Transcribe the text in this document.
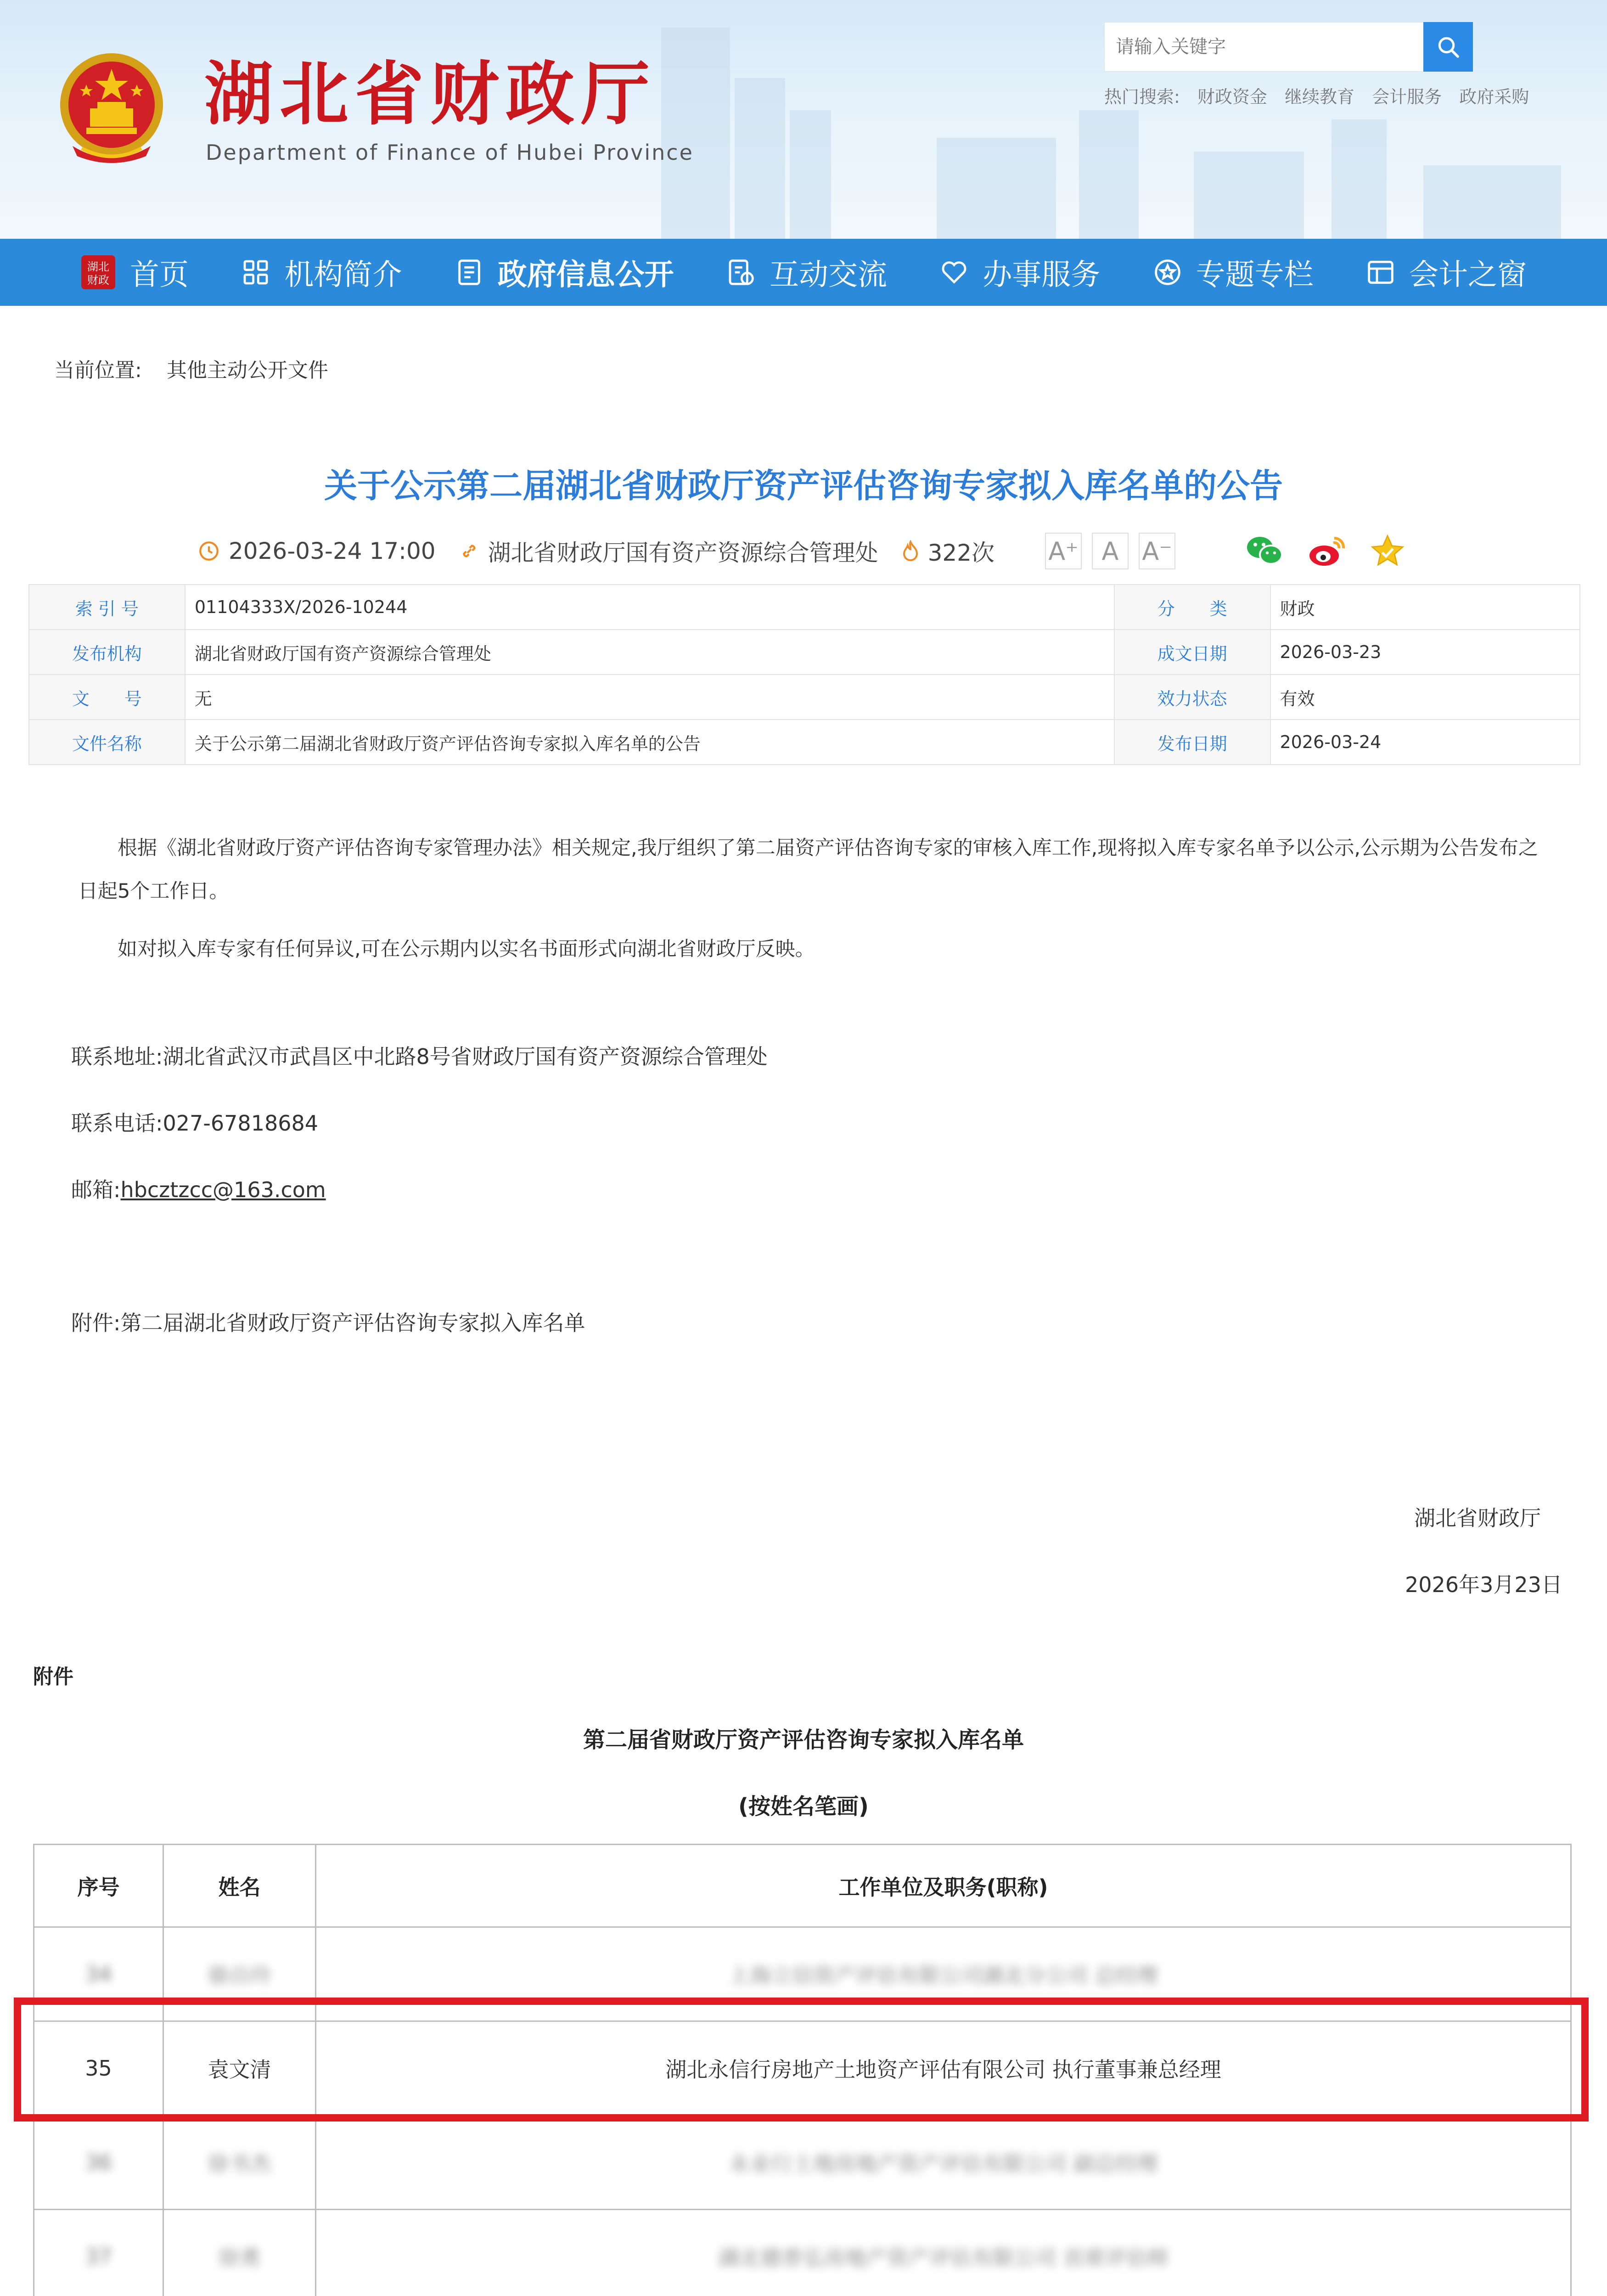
湖北省财政厅
Department of Finance of Hubei Province
请输入关键字
热门搜索: 财政资金 继续教育 会计服务 政府采购
湖北
财政 首页	机构简介	政府信息公开	互动交流	办事服务	专题专栏	会计之窗
当前位置: 其他主动公开文件
关于公示第二届湖北省财政厅资产评估咨询专家拟入库名单的公告
2026-03-24 17:00 湖北省财政厅国有资产资源综合管理处 322次 A⁺ A A⁻
索 引 号	01104333X/2026-10244	分　　类	财政
发布机构	湖北省财政厅国有资产资源综合管理处	成文日期	2026-03-23
文　　号	无	效力状态	有效
文件名称	关于公示第二届湖北省财政厅资产评估咨询专家拟入库名单的公告	发布日期	2026-03-24
根据《湖北省财政厅资产评估咨询专家管理办法》相关规定,我厅组织了第二届资产评估咨询专家的审核入库工作,现将拟入库专家名单予以公示,公示期为公告发布之日起5个工作日。
如对拟入库专家有任何异议,可在公示期内以实名书面形式向湖北省财政厅反映。
联系地址:湖北省武汉市武昌区中北路8号省财政厅国有资产资源综合管理处
联系电话:027-67818684
邮箱:hbcztzcc@163.com
附件:第二届湖北省财政厅资产评估咨询专家拟入库名单
湖北省财政厅
2026年3月23日
附件
第二届省财政厅资产评估咨询专家拟入库名单
(按姓名笔画)
序号	姓名	工作单位及职务(职称)
34	骆自玲	上海立信资产评估有限公司湖北分公司 总经理
35	袁文清	湖北永信行房地产土地资产评估有限公司 执行董事兼总经理
36	徐书杰	永业行土地房地产资产评估有限公司 副总经理
37	徐勇	湖北德普弘房地产资产评估有限公司 首席评估师
